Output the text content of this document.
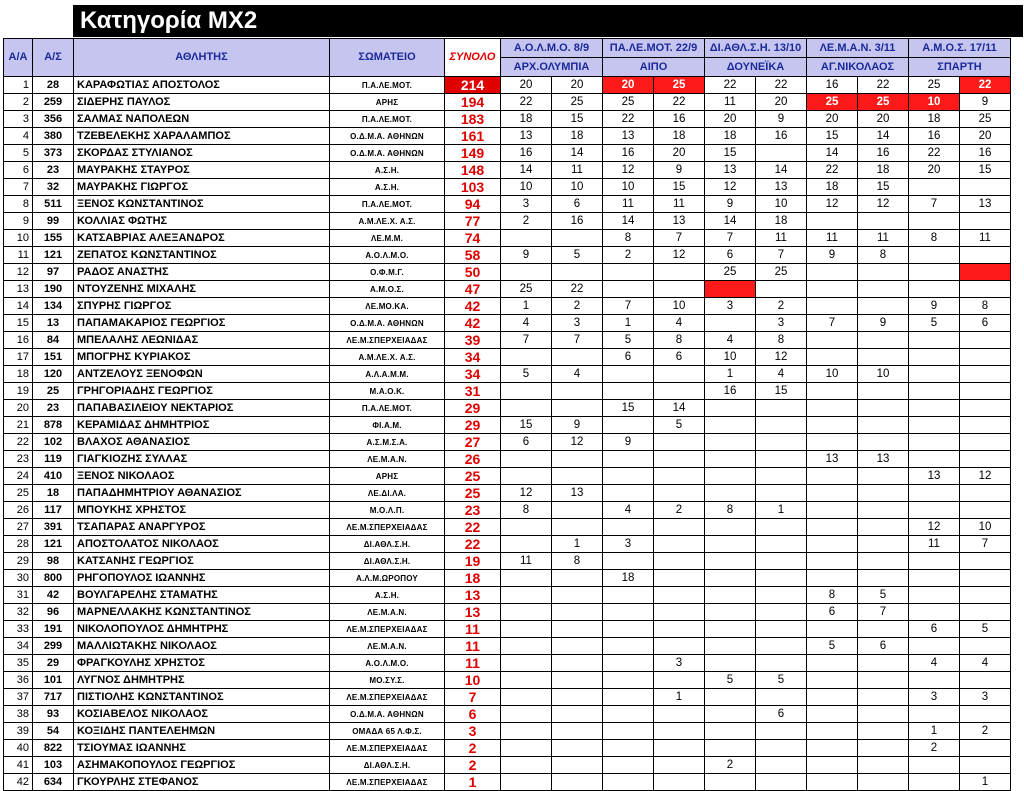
Κατηγορία MX2
Α/Α	Α/Σ	ΑΘΛΗΤΗΣ	ΣΩΜΑΤΕΙΟ	ΣΥΝΟΛΟ	Α.Ο.Λ.Μ.Ο. 8/9		ΠΑ.ΛΕ.ΜΟΤ. 22/9		ΔΙ.ΑΘΛ.Σ.Η. 13/10		ΛΕ.Μ.Α.Ν. 3/11		Α.Μ.Ο.Σ. 17/11	
					ΑΡΧ.ΟΛΥΜΠΙΑ		ΑΙΠΟ		ΔΟΥΝΕΪΚΑ		ΑΓ.ΝΙΚΟΛΑΟΣ		ΣΠΑΡΤΗ	
1	28	ΚΑΡΑΦΩΤΙΑΣ ΑΠΟΣΤΟΛΟΣ	Π.Α.ΛΕ.ΜΟΤ.	214	20	20	20	25	22	22	16	22	25	22
2	259	ΣΙΔΕΡΗΣ ΠΑΥΛΟΣ	ΑΡΗΣ	194	22	25	25	22	11	20	25	25	10	9
3	356	ΣΑΛΜΑΣ ΝΑΠΟΛΕΩΝ	Π.Α.ΛΕ.ΜΟΤ.	183	18	15	22	16	20	9	20	20	18	25
4	380	ΤΖΕΒΕΛΕΚΗΣ ΧΑΡΑΛΑΜΠΟΣ	Ο.Δ.Μ.Α. ΑΘΗΝΩΝ	161	13	18	13	18	18	16	15	14	16	20
5	373	ΣΚΟΡΔΑΣ ΣΤΥΛΙΑΝΟΣ	Ο.Δ.Μ.Α. ΑΘΗΝΩΝ	149	16	14	16	20	15		14	16	22	16
6	23	ΜΑΥΡΑΚΗΣ ΣΤΑΥΡΟΣ	Α.Σ.Η.	148	14	11	12	9	13	14	22	18	20	15
7	32	ΜΑΥΡΑΚΗΣ ΓΙΩΡΓΟΣ	Α.Σ.Η.	103	10	10	10	15	12	13	18	15		
8	511	ΞΕΝΟΣ ΚΩΝΣΤΑΝΤΙΝΟΣ	Π.Α.ΛΕ.ΜΟΤ.	94	3	6	11	11	9	10	12	12	7	13
9	99	ΚΟΛΛΙΑΣ ΦΩΤΗΣ	Α.Μ.ΛΕ.Χ. Α.Σ.	77	2	16	14	13	14	18				
10	155	ΚΑΤΣΑΒΡΙΑΣ ΑΛΕΞΑΝΔΡΟΣ	ΛΕ.Μ.Μ.	74			8	7	7	11	11	11	8	11
11	121	ΖΕΠΑΤΟΣ ΚΩΝΣΤΑΝΤΙΝΟΣ	Α.Ο.Λ.Μ.Ο.	58	9	5	2	12	6	7	9	8		
12	97	ΡΑΔΟΣ ΑΝΑΣΤΗΣ	Ο.Φ.Μ.Γ.	50					25	25				
13	190	ΝΤΟΥΖΕΝΗΣ ΜΙΧΑΛΗΣ	Α.Μ.Ο.Σ.	47	25	22								
14	134	ΣΠΥΡΗΣ ΓΙΩΡΓΟΣ	ΛΕ.ΜΟ.ΚΑ.	42	1	2	7	10	3	2			9	8
15	13	ΠΑΠΑΜΑΚΑΡΙΟΣ ΓΕΩΡΓΙΟΣ	Ο.Δ.Μ.Α. ΑΘΗΝΩΝ	42	4	3	1	4		3	7	9	5	6
16	84	ΜΠΕΛΑΛΗΣ ΛΕΩΝΙΔΑΣ	ΛΕ.Μ.ΣΠΕΡΧΕΙΑΔΑΣ	39	7	7	5	8	4	8				
17	151	ΜΠΟΓΡΗΣ ΚΥΡΙΑΚΟΣ	Α.Μ.ΛΕ.Χ. Α.Σ.	34			6	6	10	12				
18	120	ΑΝΤΖΕΛΟΥΣ ΞΕΝΟΦΩΝ	Α.Λ.Α.Μ.Μ.	34	5	4			1	4	10	10		
19	25	ΓΡΗΓΟΡΙΑΔΗΣ ΓΕΩΡΓΙΟΣ	Μ.Α.Ο.Κ.	31					16	15				
20	23	ΠΑΠΑΒΑΣΙΛΕΙΟΥ ΝΕΚΤΑΡΙΟΣ	Π.Α.ΛΕ.ΜΟΤ.	29			15	14						
21	878	ΚΕΡΑΜΙΔΑΣ ΔΗΜΗΤΡΙΟΣ	ΦΙ.Α.Μ.	29	15	9		5						
22	102	ΒΛΑΧΟΣ ΑΘΑΝΑΣΙΟΣ	Α.Σ.Μ.Σ.Α.	27	6	12	9							
23	119	ΓΙΑΓΚΙΟΖΗΣ ΣΥΛΛΑΣ	ΛΕ.Μ.Α.Ν.	26							13	13		
24	410	ΞΕΝΟΣ ΝΙΚΟΛΑΟΣ	ΑΡΗΣ	25									13	12
25	18	ΠΑΠΑΔΗΜΗΤΡΙΟΥ ΑΘΑΝΑΣΙΟΣ	ΛΕ.ΔΙ.ΛΑ.	25	12	13								
26	117	ΜΠΟΥΚΗΣ ΧΡΗΣΤΟΣ	Μ.Ο.Λ.Π.	23	8		4	2	8	1				
27	391	ΤΣΑΠΑΡΑΣ ΑΝΑΡΓΥΡΟΣ	ΛΕ.Μ.ΣΠΕΡΧΕΙΑΔΑΣ	22									12	10
28	121	ΑΠΟΣΤΟΛΑΤΟΣ ΝΙΚΟΛΑΟΣ	ΔΙ.ΑΘΛ.Σ.Η.	22		1	3						11	7
29	98	ΚΑΤΣΑΝΗΣ ΓΕΩΡΓΙΟΣ	ΔΙ.ΑΘΛ.Σ.Η.	19	11	8								
30	800	ΡΗΓΟΠΟΥΛΟΣ ΙΩΑΝΝΗΣ	Α.Λ.Μ.ΩΡΟΠΟΥ	18			18							
31	42	ΒΟΥΛΓΑΡΕΛΗΣ ΣΤΑΜΑΤΗΣ	Α.Σ.Η.	13							8	5		
32	96	ΜΑΡΝΕΛΛΑΚΗΣ ΚΩΝΣΤΑΝΤΙΝΟΣ	ΛΕ.Μ.Α.Ν.	13							6	7		
33	191	ΝΙΚΟΛΟΠΟΥΛΟΣ ΔΗΜΗΤΡΗΣ	ΛΕ.Μ.ΣΠΕΡΧΕΙΑΔΑΣ	11									6	5
34	299	ΜΑΛΛΙΩΤΑΚΗΣ ΝΙΚΟΛΑΟΣ	ΛΕ.Μ.Α.Ν.	11							5	6		
35	29	ΦΡΑΓΚΟΥΛΗΣ ΧΡΗΣΤΟΣ	Α.Ο.Λ.Μ.Ο.	11				3					4	4
36	101	ΛΥΓΝΟΣ ΔΗΜΗΤΡΗΣ	ΜΟ.ΣΥ.Σ.	10					5	5				
37	717	ΠΙΣΤΙΟΛΗΣ ΚΩΝΣΤΑΝΤΙΝΟΣ	ΛΕ.Μ.ΣΠΕΡΧΕΙΑΔΑΣ	7				1					3	3
38	93	ΚΟΣΙΑΒΕΛΟΣ ΝΙΚΟΛΑΟΣ	Ο.Δ.Μ.Α. ΑΘΗΝΩΝ	6						6				
39	54	ΚΟΞΙΔΗΣ ΠΑΝΤΕΛΕΗΜΩΝ	ΟΜΑΔΑ 65 Λ.Φ.Σ.	3									1	2
40	822	ΤΣΙΟΥΜΑΣ ΙΩΑΝΝΗΣ	ΛΕ.Μ.ΣΠΕΡΧΕΙΑΔΑΣ	2									2	
41	103	ΑΣΗΜΑΚΟΠΟΥΛΟΣ ΓΕΩΡΓΙΟΣ	ΔΙ.ΑΘΛ.Σ.Η.	2					2					
42	634	ΓΚΟΥΡΛΗΣ ΣΤΕΦΑΝΟΣ	ΛΕ.Μ.ΣΠΕΡΧΕΙΑΔΑΣ	1										1
